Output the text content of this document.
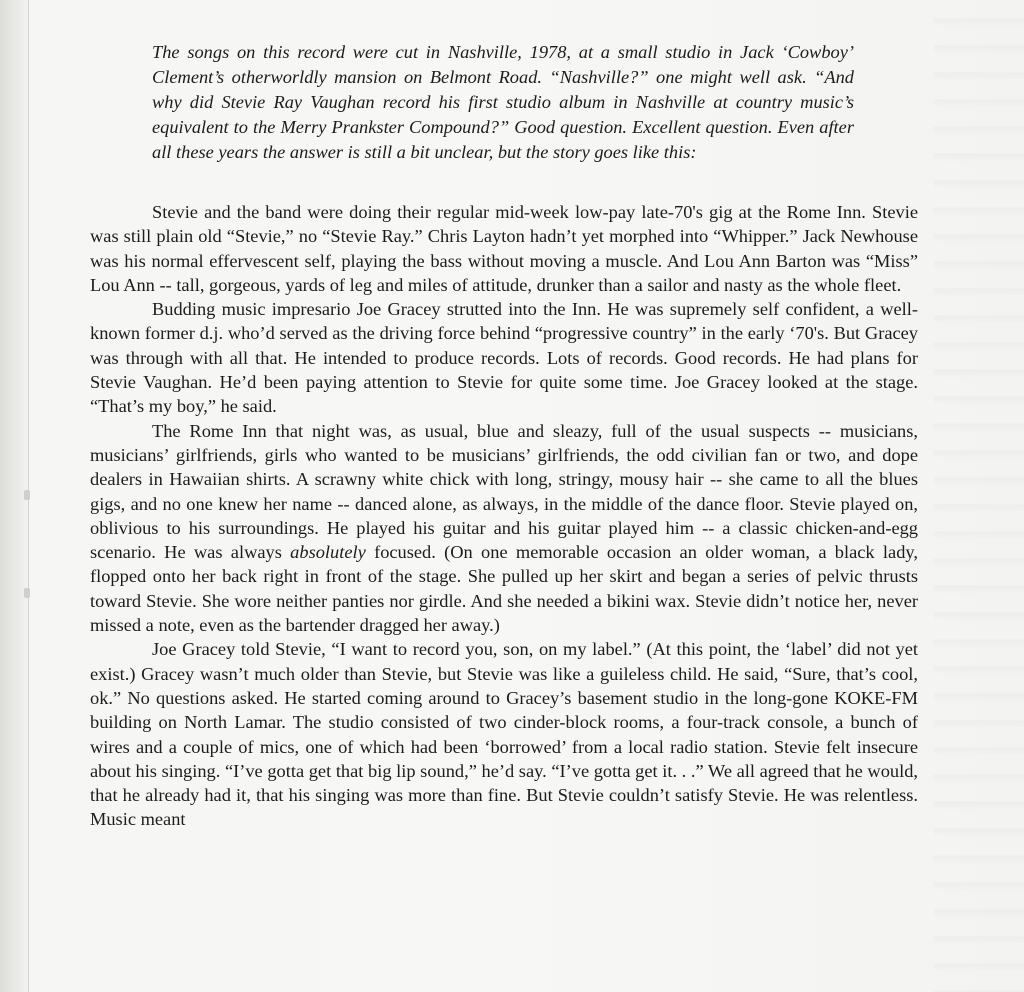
The songs on this record were cut in Nashville, 1978, at a small studio in Jack ‘Cowboy’ Clement’s otherworldly mansion on Belmont Road. “Nashville?” one might well ask. “And why did Stevie Ray Vaughan record his first studio album in Nashville at country music’s equivalent to the Merry Prankster Compound?” Good question. Excellent question. Even after all these years the answer is still a bit unclear, but the story goes like this:

Stevie and the band were doing their regular mid-week low-pay late-70's gig at the Rome Inn. Stevie was still plain old “Stevie,” no “Stevie Ray.” Chris Layton hadn’t yet morphed into “Whipper.” Jack Newhouse was his normal effervescent self, playing the bass without moving a muscle. And Lou Ann Barton was “Miss” Lou Ann -- tall, gorgeous, yards of leg and miles of attitude, drunker than a sailor and nasty as the whole fleet.

Budding music impresario Joe Gracey strutted into the Inn. He was supremely self confident, a well-known former d.j. who’d served as the driving force behind “progressive country” in the early ‘70's. But Gracey was through with all that. He intended to produce records. Lots of records. Good records. He had plans for Stevie Vaughan. He’d been paying attention to Stevie for quite some time. Joe Gracey looked at the stage. “That’s my boy,” he said.

The Rome Inn that night was, as usual, blue and sleazy, full of the usual suspects -- musicians, musicians’ girlfriends, girls who wanted to be musicians’ girlfriends, the odd civilian fan or two, and dope dealers in Hawaiian shirts. A scrawny white chick with long, stringy, mousy hair -- she came to all the blues gigs, and no one knew her name -- danced alone, as always, in the middle of the dance floor. Stevie played on, oblivious to his surroundings. He played his guitar and his guitar played him -- a classic chicken-and-egg scenario. He was always absolutely focused. (On one memorable occasion an older woman, a black lady, flopped onto her back right in front of the stage. She pulled up her skirt and began a series of pelvic thrusts toward Stevie. She wore neither panties nor girdle. And she needed a bikini wax. Stevie didn’t notice her, never missed a note, even as the bartender dragged her away.)

Joe Gracey told Stevie, “I want to record you, son, on my label.” (At this point, the ‘label’ did not yet exist.) Gracey wasn’t much older than Stevie, but Stevie was like a guileless child. He said, “Sure, that’s cool, ok.” No questions asked. He started coming around to Gracey’s basement studio in the long-gone KOKE-FM building on North Lamar. The studio consisted of two cinder-block rooms, a four-track console, a bunch of wires and a couple of mics, one of which had been ‘borrowed’ from a local radio station. Stevie felt insecure about his singing. “I’ve gotta get that big lip sound,” he’d say. “I’ve gotta get it. . .” We all agreed that he would, that he already had it, that his singing was more than fine. But Stevie couldn’t satisfy Stevie. He was relentless. Music meant
